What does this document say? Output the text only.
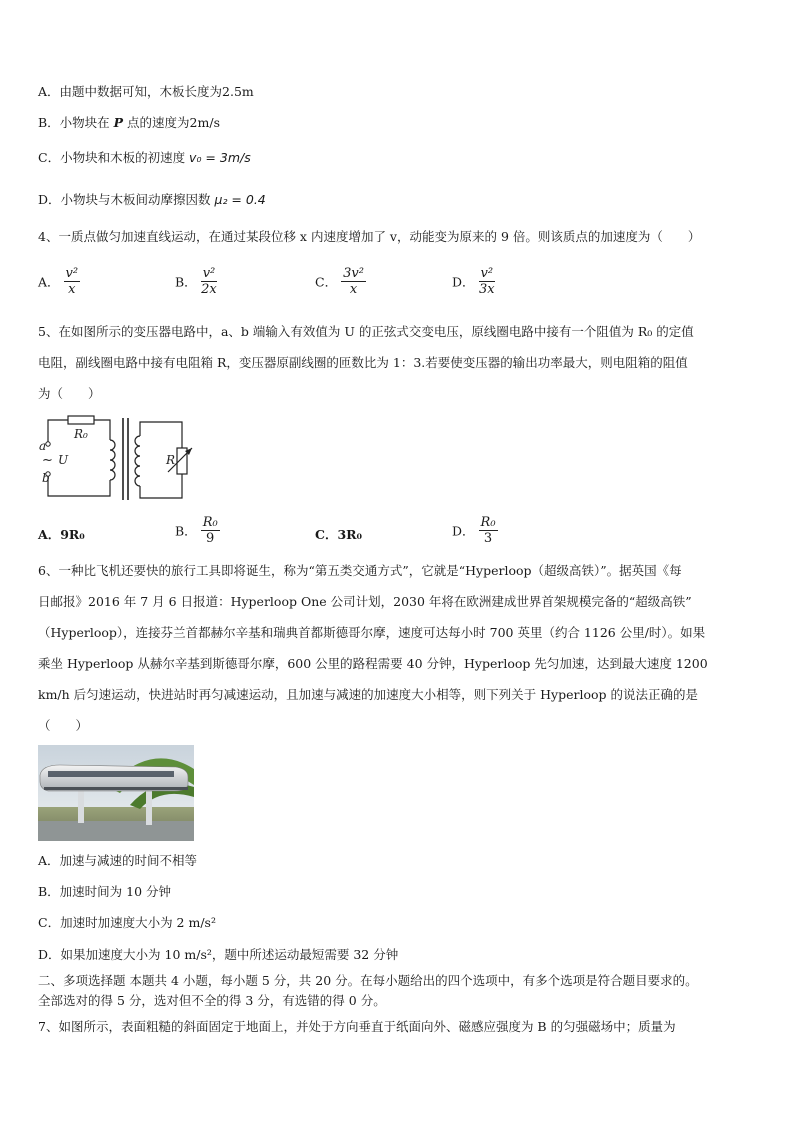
A．由题中数据可知，木板长度为2.5m
B．小物块在 P 点的速度为2m/s
C．小物块和木板的初速度 v₀ = 3m/s
D．小物块与木板间动摩擦因数 μ₂ = 0.4
4、一质点做匀加速直线运动，在通过某段位移 x 内速度增加了 v，动能变为原来的 9 倍。则该质点的加速度为（　　）
A． $\frac{\text{v²}}{x}$	B． $\frac{\text{v²}}{2x}$	C． $\frac{\text{3v²}}{x}$	D． $\frac{\text{v²}}{3x}$
5、在如图所示的变压器电路中，a、b 端输入有效值为 U 的正弦式交变电压，原线圈电路中接有一个阻值为 R₀ 的定值
电阻，副线圈电路中接有电阻箱 R，变压器原副线圈的匝数比为 1：3.若要使变压器的输出功率最大，则电阻箱的阻值
为（　　）
R₀
a
~ U
b
R
A．9R₀	B． $\frac{\text{R₀}}{9}$	C．3R₀	D． $\frac{\text{R₀}}{3}$
6、一种比飞机还要快的旅行工具即将诞生，称为“第五类交通方式”，它就是“Hyperloop（超级高铁）”。据英国《每
日邮报》2016 年 7 月 6 日报道：Hyperloop One 公司计划，2030 年将在欧洲建成世界首架规模完备的“超级高铁”
（Hyperloop），连接芬兰首都赫尔辛基和瑞典首都斯德哥尔摩，速度可达每小时 700 英里（约合 1126 公里/时）。如果
乘坐 Hyperloop 从赫尔辛基到斯德哥尔摩，600 公里的路程需要 40 分钟，Hyperloop 先匀加速，达到最大速度 1200
km/h 后匀速运动，快进站时再匀减速运动，且加速与减速的加速度大小相等，则下列关于 Hyperloop 的说法正确的是
（　　）
A．加速与减速的时间不相等
B．加速时间为 10 分钟
C．加速时加速度大小为 2 m/s²
D．如果加速度大小为 10 m/s²，题中所述运动最短需要 32 分钟
二、多项选择题 本题共 4 小题，每小题 5 分，共 20 分。在每小题给出的四个选项中，有多个选项是符合题目要求的。
全部选对的得 5 分，选对但不全的得 3 分，有选错的得 0 分。
7、如图所示，表面粗糙的斜面固定于地面上，并处于方向垂直于纸面向外、磁感应强度为 B 的匀强磁场中；质量为
